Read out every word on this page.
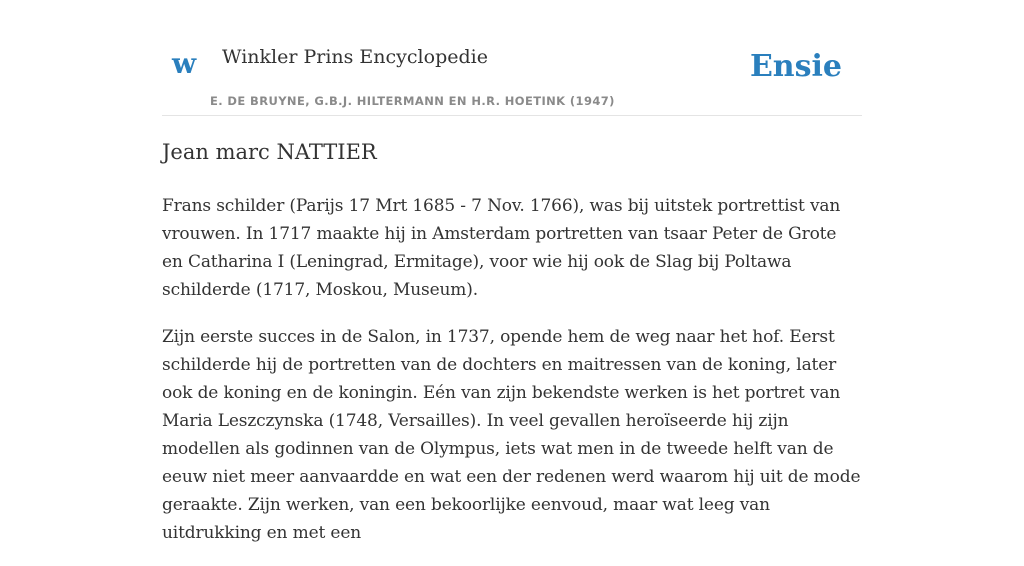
w Winkler Prins Encyclopedie
E. DE BRUYNE, G.B.J. HILTERMANN EN H.R. HOETINK (1947)
Ensie
Jean marc NATTIER

Frans schilder (Parijs 17 Mrt 1685 - 7 Nov. 1766), was bij uitstek portrettist van vrouwen. In 1717 maakte hij in Amsterdam portretten van tsaar Peter de Grote en Catharina I (Leningrad, Ermitage), voor wie hij ook de Slag bij Poltawa schilderde (1717, Moskou, Museum).

Zijn eerste succes in de Salon, in 1737, opende hem de weg naar het hof. Eerst schilderde hij de portretten van de dochters en maitressen van de koning, later ook de koning en de koningin. Eén van zijn bekendste werken is het portret van Maria Leszczynska (1748, Versailles). In veel gevallen heroïseerde hij zijn modellen als godinnen van de Olympus, iets wat men in de tweede helft van de eeuw niet meer aanvaardde en wat een der redenen werd waarom hij uit de mode geraakte. Zijn werken, van een bekoorlijke eenvoud, maar wat leeg van uitdrukking en met een
